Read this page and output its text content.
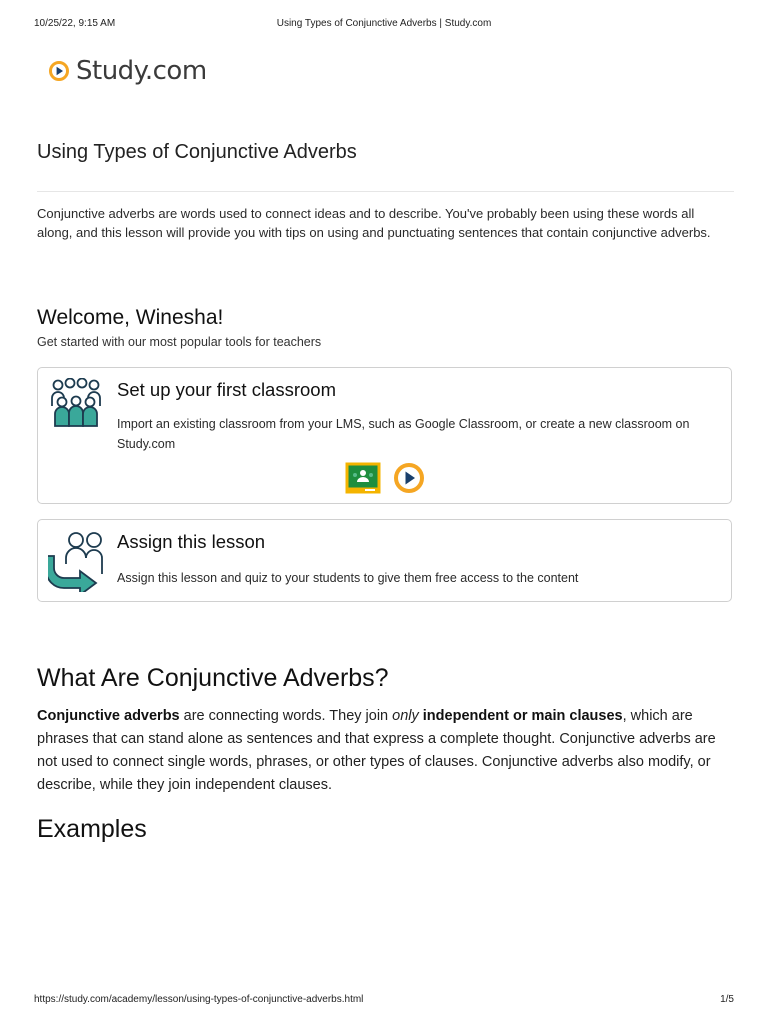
10/25/22, 9:15 AM	Using Types of Conjunctive Adverbs | Study.com
Study.com
Using Types of Conjunctive Adverbs

Conjunctive adverbs are words used to connect ideas and to describe. You've probably been using these words all along, and this lesson will provide you with tips on using and punctuating sentences that contain conjunctive adverbs.

Welcome, Winesha!

Get started with our most popular tools for teachers

Set up your first classroom

Import an existing classroom from your LMS, such as Google Classroom, or create a new classroom on Study.com

Assign this lesson

Assign this lesson and quiz to your students to give them free access to the content

What Are Conjunctive Adverbs?

Conjunctive adverbs are connecting words. They join only independent or main clauses, which are phrases that can stand alone as sentences and that express a complete thought. Conjunctive adverbs are not used to connect single words, phrases, or other types of clauses. Conjunctive adverbs also modify, or describe, while they join independent clauses.

Examples
https://study.com/academy/lesson/using-types-of-conjunctive-adverbs.html	1/5
